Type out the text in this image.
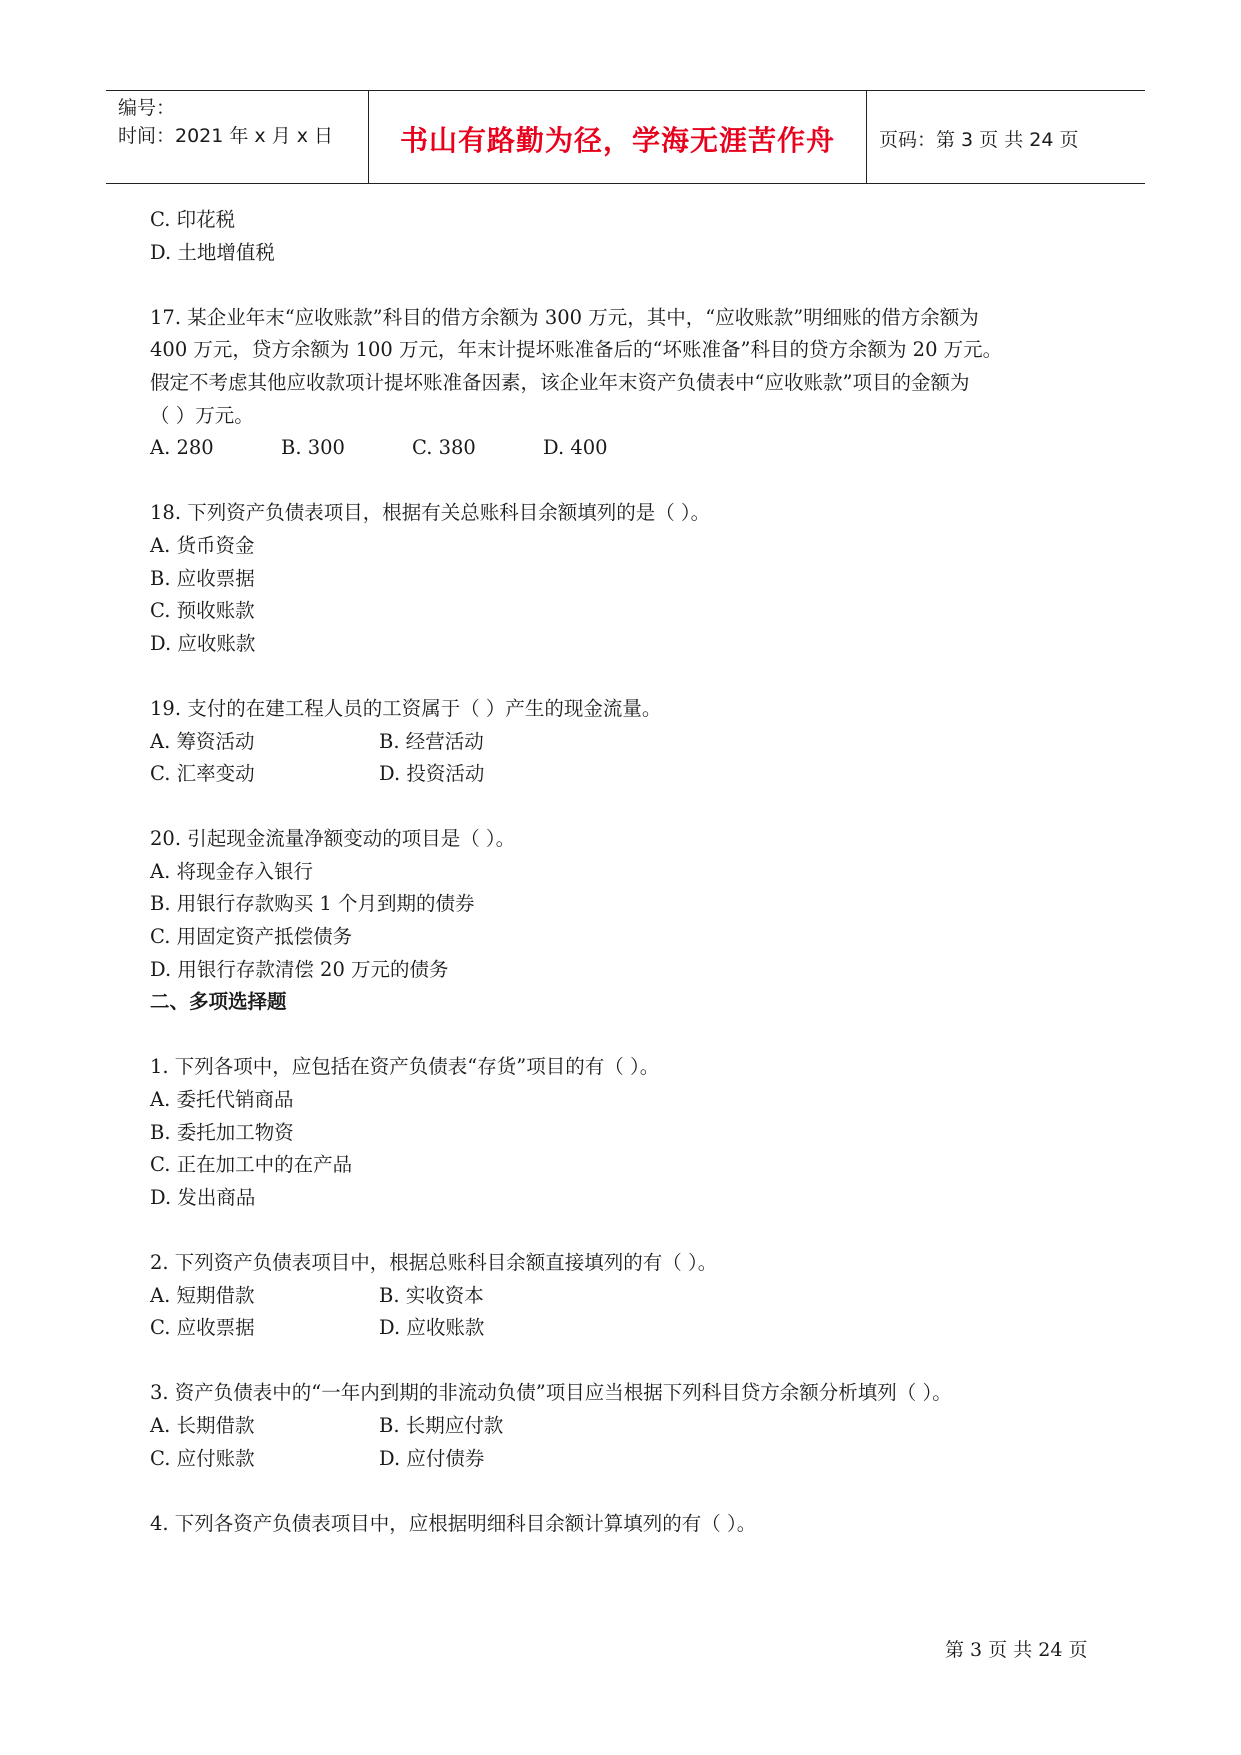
编号：
时间：2021 年 x 月 x 日	书山有路勤为径，学海无涯苦作舟	页码：第 3 页 共 24 页
C. 印花税
D. 土地增值税
17. 某企业年末“应收账款”科目的借方余额为 300 万元，其中，“应收账款”明细账的借方余额为
400 万元，贷方余额为 100 万元，年末计提坏账准备后的“坏账准备”科目的贷方余额为 20 万元。
假定不考虑其他应收款项计提坏账准备因素，该企业年末资产负债表中“应收账款”项目的金额为
（ ）万元。
A. 280	B. 300	C. 380	D. 400
18. 下列资产负债表项目，根据有关总账科目余额填列的是（ ）。
A. 货币资金
B. 应收票据
C. 预收账款
D. 应收账款
19. 支付的在建工程人员的工资属于（ ）产生的现金流量。
A. 筹资活动	B. 经营活动
C. 汇率变动	D. 投资活动
20. 引起现金流量净额变动的项目是（ ）。
A. 将现金存入银行
B. 用银行存款购买 1 个月到期的债券
C. 用固定资产抵偿债务
D. 用银行存款清偿 20 万元的债务
二、多项选择题
1. 下列各项中，应包括在资产负债表“存货”项目的有（ ）。
A. 委托代销商品
B. 委托加工物资
C. 正在加工中的在产品
D. 发出商品
2. 下列资产负债表项目中，根据总账科目余额直接填列的有（ ）。
A. 短期借款	B. 实收资本
C. 应收票据	D. 应收账款
3. 资产负债表中的“一年内到期的非流动负债”项目应当根据下列科目贷方余额分析填列（ ）。
A. 长期借款	B. 长期应付款
C. 应付账款	D. 应付债券
4. 下列各资产负债表项目中，应根据明细科目余额计算填列的有（ ）。
第 3 页 共 24 页
